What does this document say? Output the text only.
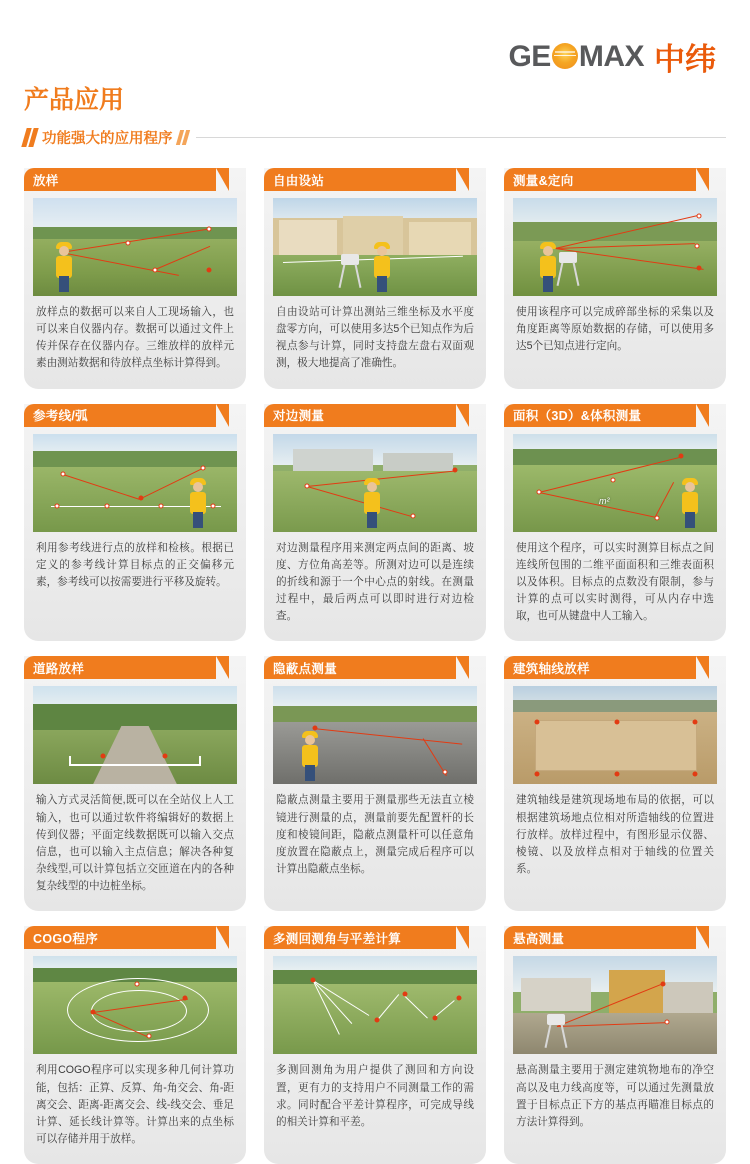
GE MAX 中纬
产品应用
功能强大的应用程序
放样
放样点的数据可以来自人工现场输入，也可以来自仪器内存。数据可以通过文件上传并保存在仪器内存。三维放样的放样元素由测站数据和待放样点坐标计算得到。
自由设站
自由设站可计算出测站三维坐标及水平度盘零方向，可以使用多达5个已知点作为后视点参与计算，同时支持盘左盘右双面观测，极大地提高了准确性。
测量&定向
使用该程序可以完成碎部坐标的采集以及角度距离等原始数据的存储，可以使用多达5个已知点进行定向。
参考线/弧
利用参考线进行点的放样和检核。根据已定义的参考线计算目标点的正交偏移元素，参考线可以按需要进行平移及旋转。
对边测量
对边测量程序用来测定两点间的距离、坡度、方位角高差等。所测对边可以是连续的折线和源于一个中心点的射线。在测量过程中，最后两点可以即时进行对边检查。
面积（3D）&体积测量
m²
使用这个程序，可以实时测算目标点之间连线所包围的二维平面面积和三维表面积以及体积。目标点的点数没有限制，参与计算的点可以实时测得，可从内存中选取，也可从键盘中人工输入。
道路放样
输入方式灵活简便,既可以在全站仪上人工输入，也可以通过软件将编辑好的数据上传到仪器；平面定线数据既可以输入交点信息，也可以输入主点信息；解决各种复杂线型,可以计算包括立交匝道在内的各种复杂线型的中边桩坐标。
隐蔽点测量
隐蔽点测量主要用于测量那些无法直立棱镜进行测量的点，测量前要先配置杆的长度和棱镜间距，隐蔽点测量杆可以任意角度放置在隐蔽点上，测量完成后程序可以计算出隐蔽点坐标。
建筑轴线放样
建筑轴线是建筑现场地布局的依据，可以根据建筑场地点位相对所造轴线的位置进行放样。放样过程中，有图形显示仪器、棱镜、以及放样点相对于轴线的位置关系。
COGO程序
利用COGO程序可以实现多种几何计算功能，包括：正算、反算、角-角交会、角-距离交会、距离-距离交会、线-线交会、垂足计算、延长线计算等。计算出来的点坐标可以存储并用于放样。
多测回测角与平差计算
多测回测角为用户提供了测回和方向设置，更有力的支持用户不同测量工作的需求。同时配合平差计算程序，可完成导线的相关计算和平差。
悬高测量
悬高测量主要用于测定建筑物地布的净空高以及电力线高度等，可以通过先测量放置于目标点正下方的基点再瞄准目标点的方法计算得到。
